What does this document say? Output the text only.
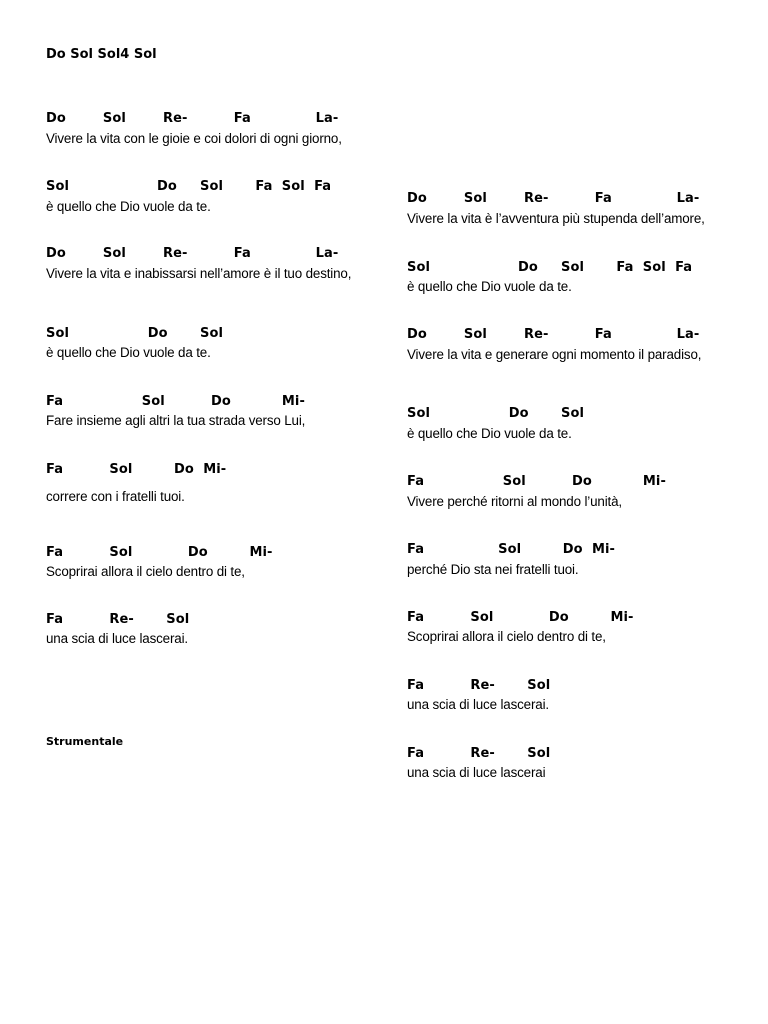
Do Sol Sol4 Sol
Do        Sol        Re-          Fa              La-
Vivere la vita con le gioie e coi dolori di ogni giorno,
Sol                   Do     Sol       Fa  Sol  Fa
è quello che Dio vuole da te.
Do        Sol        Re-          Fa              La-
Vivere la vita e inabissarsi nell’amore è il tuo destino,
Sol                 Do       Sol
è quello che Dio vuole da te.
Fa                 Sol          Do           Mi-
Fare insieme agli altri la tua strada verso Lui,
Fa          Sol         Do  Mi-
correre con i fratelli tuoi.
Fa          Sol            Do         Mi-
Scoprirai allora il cielo dentro di te,
Fa          Re-       Sol
una scia di luce lascerai.
Strumentale
Do        Sol        Re-          Fa              La-
Vivere la vita è l’avventura più stupenda dell’amore,
Sol                   Do     Sol       Fa  Sol  Fa
è quello che Dio vuole da te.
Do        Sol        Re-          Fa              La-
Vivere la vita e generare ogni momento il paradiso,
Sol                 Do       Sol
è quello che Dio vuole da te.
Fa                 Sol          Do           Mi-
Vivere perché ritorni al mondo l’unità,
Fa                Sol         Do  Mi-
perché Dio sta nei fratelli tuoi.
Fa          Sol            Do         Mi-
Scoprirai allora il cielo dentro di te,
Fa          Re-       Sol
una scia di luce lascerai.
Fa          Re-       Sol
una scia di luce lascerai
